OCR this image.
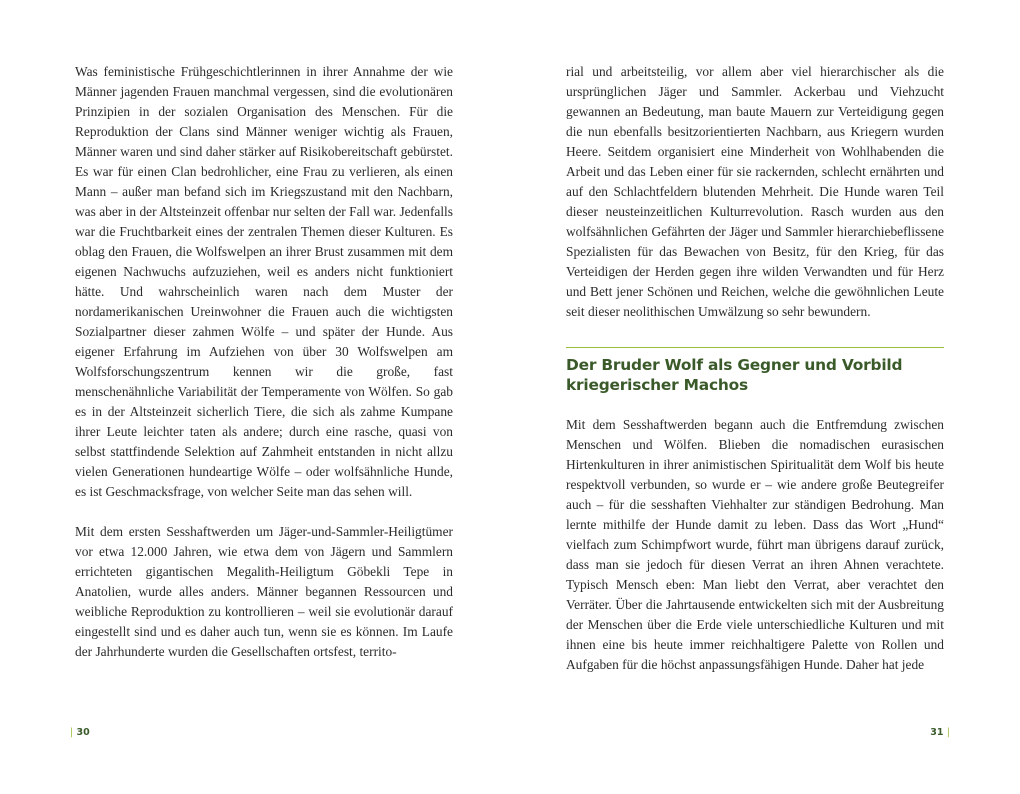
Was feministische Frühgeschichtlerinnen in ihrer Annahme der wie Männer jagenden Frauen manchmal vergessen, sind die evolutionären Prinzipien in der sozialen Organisation des Menschen. Für die Reproduktion der Clans sind Männer weniger wichtig als Frauen, Männer waren und sind daher stärker auf Risikobereitschaft gebürstet. Es war für einen Clan bedrohlicher, eine Frau zu verlieren, als einen Mann – außer man befand sich im Kriegszustand mit den Nachbarn, was aber in der Altsteinzeit offenbar nur selten der Fall war. Jedenfalls war die Fruchtbarkeit eines der zentralen Themen dieser Kulturen. Es oblag den Frauen, die Wolfswelpen an ihrer Brust zusammen mit dem eigenen Nachwuchs aufzuziehen, weil es anders nicht funktioniert hätte. Und wahrscheinlich waren nach dem Muster der nordamerikanischen Ureinwohner die Frauen auch die wichtigsten Sozialpartner dieser zahmen Wölfe – und später der Hunde. Aus eigener Erfahrung im Aufziehen von über 30 Wolfswelpen am Wolfsforschungszentrum kennen wir die große, fast menschenähnliche Variabilität der Temperamente von Wölfen. So gab es in der Altsteinzeit sicherlich Tiere, die sich als zahme Kumpane ihrer Leute leichter taten als andere; durch eine rasche, quasi von selbst stattfindende Selektion auf Zahmheit entstanden in nicht allzu vielen Generationen hundeartige Wölfe – oder wolfsähnliche Hunde, es ist Geschmacksfrage, von welcher Seite man das sehen will.

Mit dem ersten Sesshaftwerden um Jäger-und-Sammler-Heiligtümer vor etwa 12.000 Jahren, wie etwa dem von Jägern und Sammlern errichteten gigantischen Megalith-Heiligtum Göbekli Tepe in Anatolien, wurde alles anders. Männer begannen Ressourcen und weibliche Reproduktion zu kontrollieren – weil sie evolutionär darauf eingestellt sind und es daher auch tun, wenn sie es können. Im Laufe der Jahrhunderte wurden die Gesellschaften ortsfest, territo-

| 30

rial und arbeitsteilig, vor allem aber viel hierarchischer als die ursprünglichen Jäger und Sammler. Ackerbau und Viehzucht gewannen an Bedeutung, man baute Mauern zur Verteidigung gegen die nun ebenfalls besitzorientierten Nachbarn, aus Kriegern wurden Heere. Seitdem organisiert eine Minderheit von Wohlhabenden die Arbeit und das Leben einer für sie rackernden, schlecht ernährten und auf den Schlachtfeldern blutenden Mehrheit. Die Hunde waren Teil dieser neusteinzeitlichen Kulturrevolution. Rasch wurden aus den wolfsähnlichen Gefährten der Jäger und Sammler hierarchiebeflissene Spezialisten für das Bewachen von Besitz, für den Krieg, für das Verteidigen der Herden gegen ihre wilden Verwandten und für Herz und Bett jener Schönen und Reichen, welche die gewöhnlichen Leute seit dieser neolithischen Umwälzung so sehr bewundern.

Der Bruder Wolf als Gegner und Vorbild kriegerischer Machos

Mit dem Sesshaftwerden begann auch die Entfremdung zwischen Menschen und Wölfen. Blieben die nomadischen eurasischen Hirtenkulturen in ihrer animistischen Spiritualität dem Wolf bis heute respektvoll verbunden, so wurde er – wie andere große Beutegreifer auch – für die sesshaften Viehhalter zur ständigen Bedrohung. Man lernte mithilfe der Hunde damit zu leben. Dass das Wort „Hund“ vielfach zum Schimpfwort wurde, führt man übrigens darauf zurück, dass man sie jedoch für diesen Verrat an ihren Ahnen verachtete. Typisch Mensch eben: Man liebt den Verrat, aber verachtet den Verräter. Über die Jahrtausende entwickelten sich mit der Ausbreitung der Menschen über die Erde viele unterschiedliche Kulturen und mit ihnen eine bis heute immer reichhaltigere Palette von Rollen und Aufgaben für die höchst anpassungsfähigen Hunde. Daher hat jede

31 |
